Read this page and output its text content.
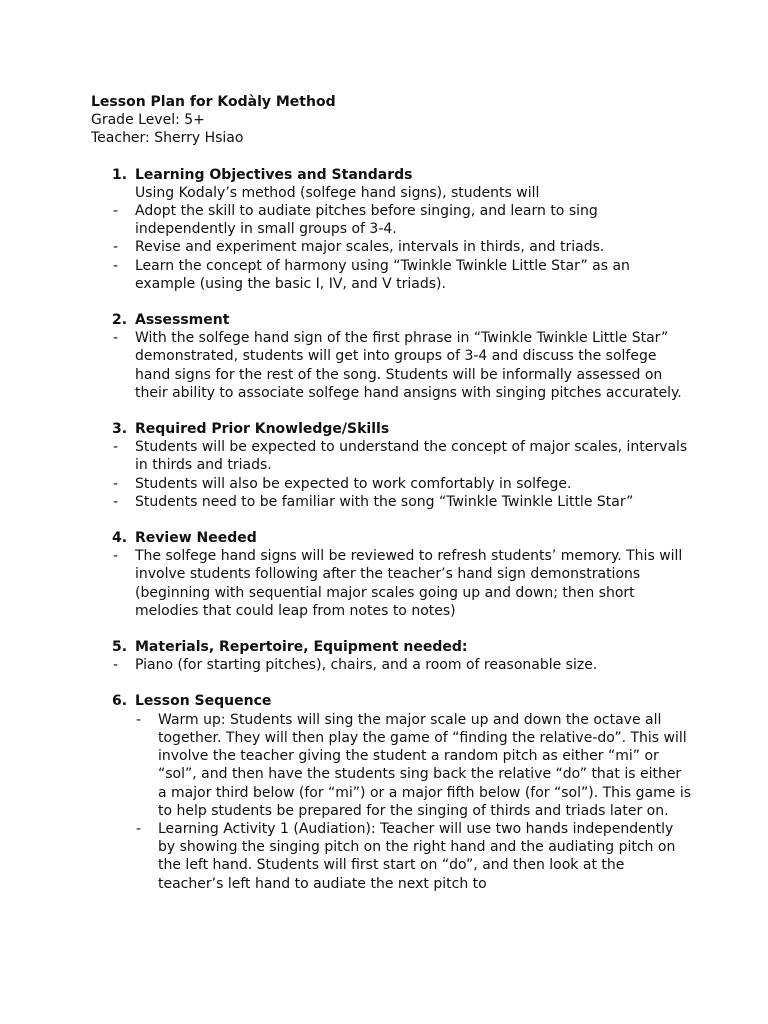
Lesson Plan for Kodàly Method
Grade Level: 5+
Teacher: Sherry Hsiao
1. Learning Objectives and Standards
Using Kodaly’s method (solfege hand signs), students will
- Adopt the skill to audiate pitches before singing, and learn to sing independently in small groups of 3-4.
- Revise and experiment major scales, intervals in thirds, and triads.
- Learn the concept of harmony using “Twinkle Twinkle Little Star” as an example (using the basic I, IV, and V triads).
2. Assessment
- With the solfege hand sign of the first phrase in “Twinkle Twinkle Little Star” demonstrated, students will get into groups of 3-4 and discuss the solfege hand signs for the rest of the song. Students will be informally assessed on their ability to associate solfege hand ansigns with singing pitches accurately.
3. Required Prior Knowledge/Skills
- Students will be expected to understand the concept of major scales, intervals in thirds and triads.
- Students will also be expected to work comfortably in solfege.
- Students need to be familiar with the song “Twinkle Twinkle Little Star”
4. Review Needed
- The solfege hand signs will be reviewed to refresh students’ memory. This will involve students following after the teacher’s hand sign demonstrations (beginning with sequential major scales going up and down; then short melodies that could leap from notes to notes)
5. Materials, Repertoire, Equipment needed:
- Piano (for starting pitches), chairs, and a room of reasonable size.
6. Lesson Sequence
- Warm up: Students will sing the major scale up and down the octave all together. They will then play the game of “finding the relative-do”. This will involve the teacher giving the student a random pitch as either “mi” or “sol”, and then have the students sing back the relative “do” that is either a major third below (for “mi”) or a major fifth below (for “sol”). This game is to help students be prepared for the singing of thirds and triads later on.
- Learning Activity 1 (Audiation): Teacher will use two hands independently by showing the singing pitch on the right hand and the audiating pitch on the left hand. Students will first start on “do”, and then look at the teacher’s left hand to audiate the next pitch to
